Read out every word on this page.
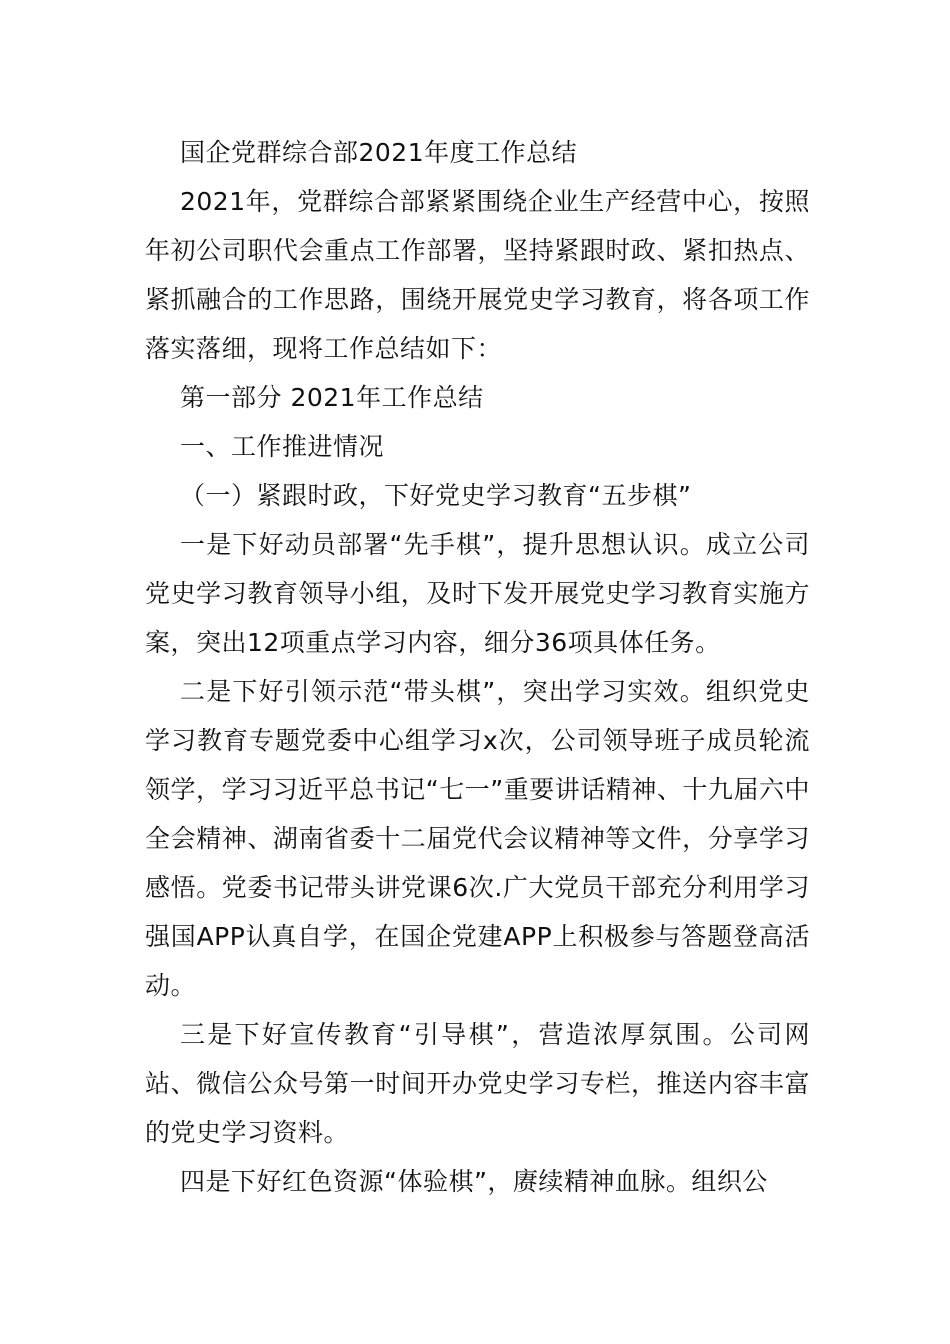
国企党群综合部2021年度工作总结

2021年，党群综合部紧紧围绕企业生产经营中心，按照年初公司职代会重点工作部署，坚持紧跟时政、紧扣热点、紧抓融合的工作思路，围绕开展党史学习教育，将各项工作落实落细，现将工作总结如下：

第一部分 2021年工作总结

一、工作推进情况

（一）紧跟时政，下好党史学习教育“五步棋”

一是下好动员部署“先手棋”，提升思想认识。成立公司党史学习教育领导小组，及时下发开展党史学习教育实施方案，突出12项重点学习内容，细分36项具体任务。

二是下好引领示范“带头棋”，突出学习实效。组织党史学习教育专题党委中心组学习x次，公司领导班子成员轮流领学，学习习近平总书记“七一”重要讲话精神、十九届六中全会精神、湖南省委十二届党代会议精神等文件，分享学习感悟。党委书记带头讲党课6次.广大党员干部充分利用学习强国APP认真自学，在国企党建APP上积极参与答题登高活动。

三是下好宣传教育“引导棋”，营造浓厚氛围。公司网站、微信公众号第一时间开办党史学习专栏，推送内容丰富的党史学习资料。

四是下好红色资源“体验棋”，赓续精神血脉。组织公
